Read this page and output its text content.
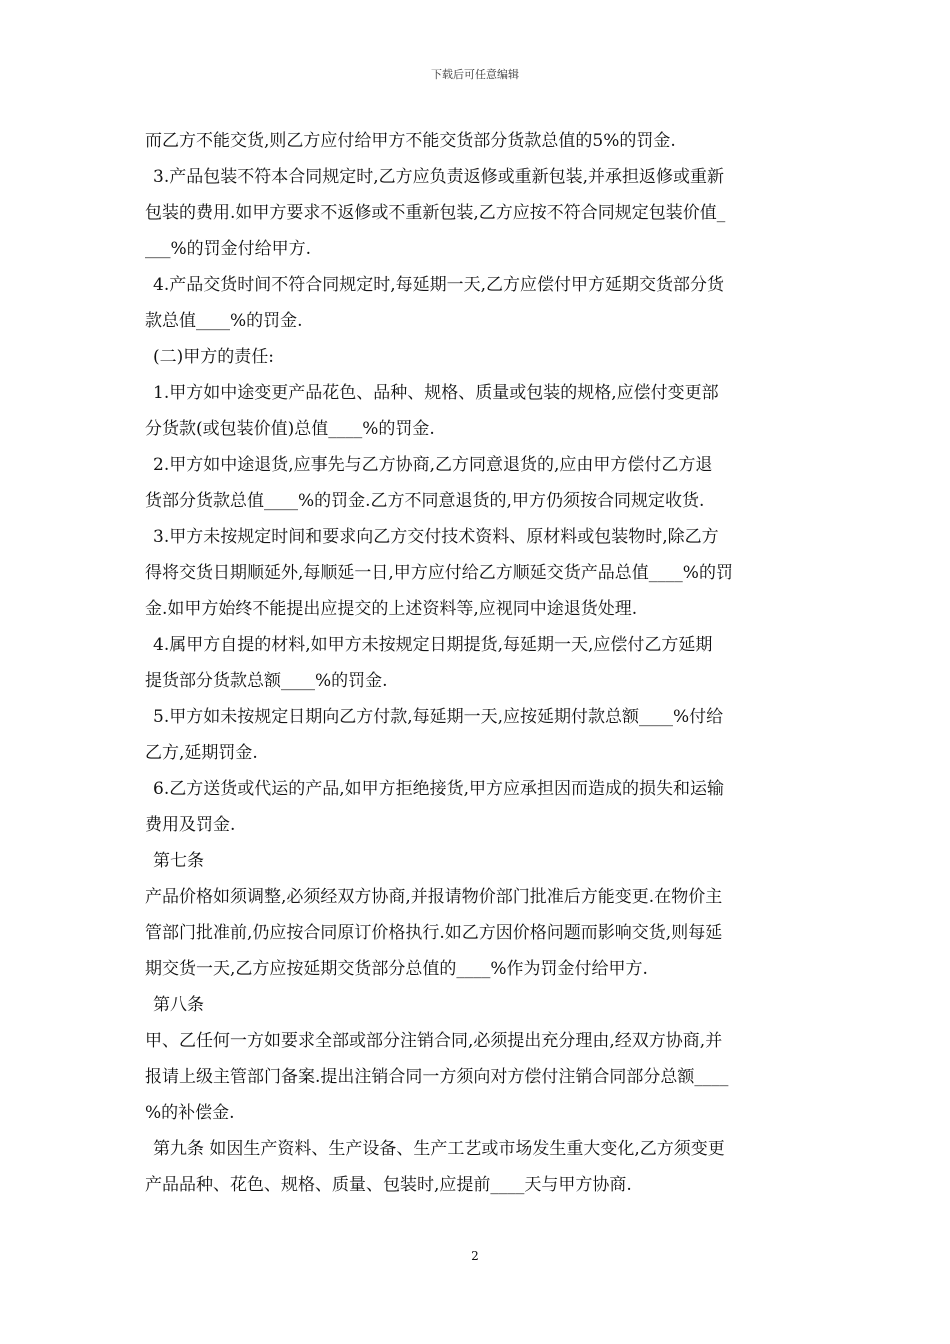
下载后可任意编辑
而乙方不能交货,则乙方应付给甲方不能交货部分货款总值的5%的罚金.
3.产品包装不符本合同规定时,乙方应负责返修或重新包装,并承担返修或重新
包装的费用.如甲方要求不返修或不重新包装,乙方应按不符合同规定包装价值_
___%的罚金付给甲方.
4.产品交货时间不符合同规定时,每延期一天,乙方应偿付甲方延期交货部分货
款总值____%的罚金.
(二)甲方的责任:
1.甲方如中途变更产品花色、品种、规格、质量或包装的规格,应偿付变更部
分货款(或包装价值)总值____%的罚金.
2.甲方如中途退货,应事先与乙方协商,乙方同意退货的,应由甲方偿付乙方退
货部分货款总值____%的罚金.乙方不同意退货的,甲方仍须按合同规定收货.
3.甲方未按规定时间和要求向乙方交付技术资料、原材料或包装物时,除乙方
得将交货日期顺延外,每顺延一日,甲方应付给乙方顺延交货产品总值____%的罚
金.如甲方始终不能提出应提交的上述资料等,应视同中途退货处理.
4.属甲方自提的材料,如甲方未按规定日期提货,每延期一天,应偿付乙方延期
提货部分货款总额____%的罚金.
5.甲方如未按规定日期向乙方付款,每延期一天,应按延期付款总额____%付给
乙方,延期罚金.
6.乙方送货或代运的产品,如甲方拒绝接货,甲方应承担因而造成的损失和运输
费用及罚金.
第七条
产品价格如须调整,必须经双方协商,并报请物价部门批准后方能变更.在物价主
管部门批准前,仍应按合同原订价格执行.如乙方因价格问题而影响交货,则每延
期交货一天,乙方应按延期交货部分总值的____%作为罚金付给甲方.
第八条
甲、乙任何一方如要求全部或部分注销合同,必须提出充分理由,经双方协商,并
报请上级主管部门备案.提出注销合同一方须向对方偿付注销合同部分总额____
%的补偿金.
第九条 如因生产资料、生产设备、生产工艺或市场发生重大变化,乙方须变更
产品品种、花色、规格、质量、包装时,应提前____天与甲方协商.
2
